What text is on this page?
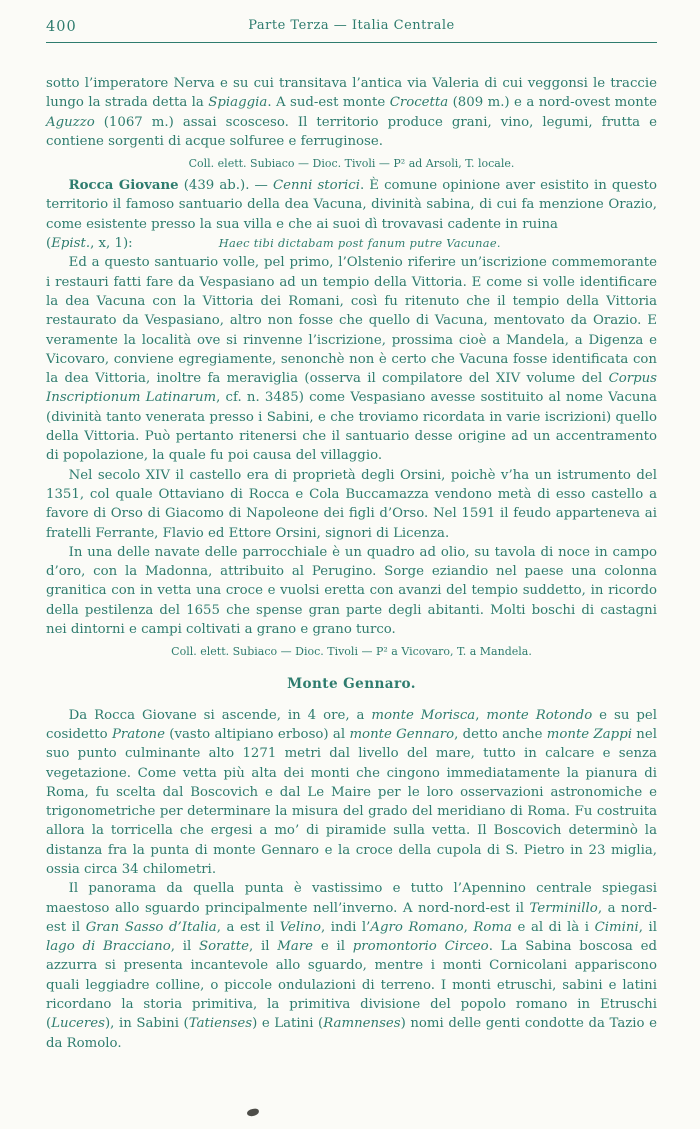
400	Parte Terza — Italia Centrale

sotto l’imperatore Nerva e su cui transitava l’antica via Valeria di cui veggonsi le traccie lungo la strada detta la Spiaggia. A sud-est monte Crocetta (809 m.) e a nord-ovest monte Aguzzo (1067 m.) assai scosceso. Il territorio produce grani, vino, legumi, frutta e contiene sorgenti di acque solfuree e ferruginose.

Coll. elett. Subiaco — Dioc. Tivoli — P² ad Arsoli, T. locale.

Rocca Giovane (439 ab.). — Cenni storici. È comune opinione aver esistito in questo territorio il famoso santuario della dea Vacuna, divinità sabina, di cui fa menzione Orazio, come esistente presso la sua villa e che ai suoi dì trovavasi cadente in ruina

(Epist., x, 1):	Haec tibi dictabam post fanum putre Vacunae.

Ed a questo santuario volle, pel primo, l’Olstenio riferire un’iscrizione commemorante i restauri fatti fare da Vespasiano ad un tempio della Vittoria. E come si volle identificare la dea Vacuna con la Vittoria dei Romani, così fu ritenuto che il tempio della Vittoria restaurato da Vespasiano, altro non fosse che quello di Vacuna, mentovato da Orazio. E veramente la località ove si rinvenne l’iscrizione, prossima cioè a Mandela, a Digenza e Vicovaro, conviene egregiamente, senonchè non è certo che Vacuna fosse identificata con la dea Vittoria, inoltre fa meraviglia (osserva il compilatore del XIV volume del Corpus Inscriptionum Latinarum, cf. n. 3485) come Vespasiano avesse sostituito al nome Vacuna (divinità tanto venerata presso i Sabini, e che troviamo ricordata in varie iscrizioni) quello della Vittoria. Può pertanto ritenersi che il santuario desse origine ad un accentramento di popolazione, la quale fu poi causa del villaggio.

Nel secolo XIV il castello era di proprietà degli Orsini, poichè v’ha un istrumento del 1351, col quale Ottaviano di Rocca e Cola Buccamazza vendono metà di esso castello a favore di Orso di Giacomo di Napoleone dei figli d’Orso. Nel 1591 il feudo apparteneva ai fratelli Ferrante, Flavio ed Ettore Orsini, signori di Licenza.

In una delle navate delle parrocchiale è un quadro ad olio, su tavola di noce in campo d’oro, con la Madonna, attribuito al Perugino. Sorge eziandio nel paese una colonna granitica con in vetta una croce e vuolsi eretta con avanzi del tempio suddetto, in ricordo della pestilenza del 1655 che spense gran parte degli abitanti. Molti boschi di castagni nei dintorni e campi coltivati a grano e grano turco.

Coll. elett. Subiaco — Dioc. Tivoli — P² a Vicovaro, T. a Mandela.

Monte Gennaro.

Da Rocca Giovane si ascende, in 4 ore, a monte Morisca, monte Rotondo e su pel cosidetto Pratone (vasto altipiano erboso) al monte Gennaro, detto anche monte Zappi nel suo punto culminante alto 1271 metri dal livello del mare, tutto in calcare e senza vegetazione. Come vetta più alta dei monti che cingono immediatamente la pianura di Roma, fu scelta dal Boscovich e dal Le Maire per le loro osservazioni astronomiche e trigonometriche per determinare la misura del grado del meridiano di Roma. Fu costruita allora la torricella che ergesi a mo’ di piramide sulla vetta. Il Boscovich determinò la distanza fra la punta di monte Gennaro e la croce della cupola di S. Pietro in 23 miglia, ossia circa 34 chilometri.

Il panorama da quella punta è vastissimo e tutto l’Apennino centrale spiegasi maestoso allo sguardo principalmente nell’inverno. A nord-nord-est il Terminillo, a nord-est il Gran Sasso d’Italia, a est il Velino, indi l’Agro Romano, Roma e al di là i Cimini, il lago di Bracciano, il Soratte, il Mare e il promontorio Circeo. La Sabina boscosa ed azzurra si presenta incantevole allo sguardo, mentre i monti Cornicolani appariscono quali leggiadre colline, o piccole ondulazioni di terreno. I monti etruschi, sabini e latini ricordano la storia primitiva, la primitiva divisione del popolo romano in Etruschi (Luceres), in Sabini (Tatienses) e Latini (Ramnenses) nomi delle genti condotte da Tazio e da Romolo.
